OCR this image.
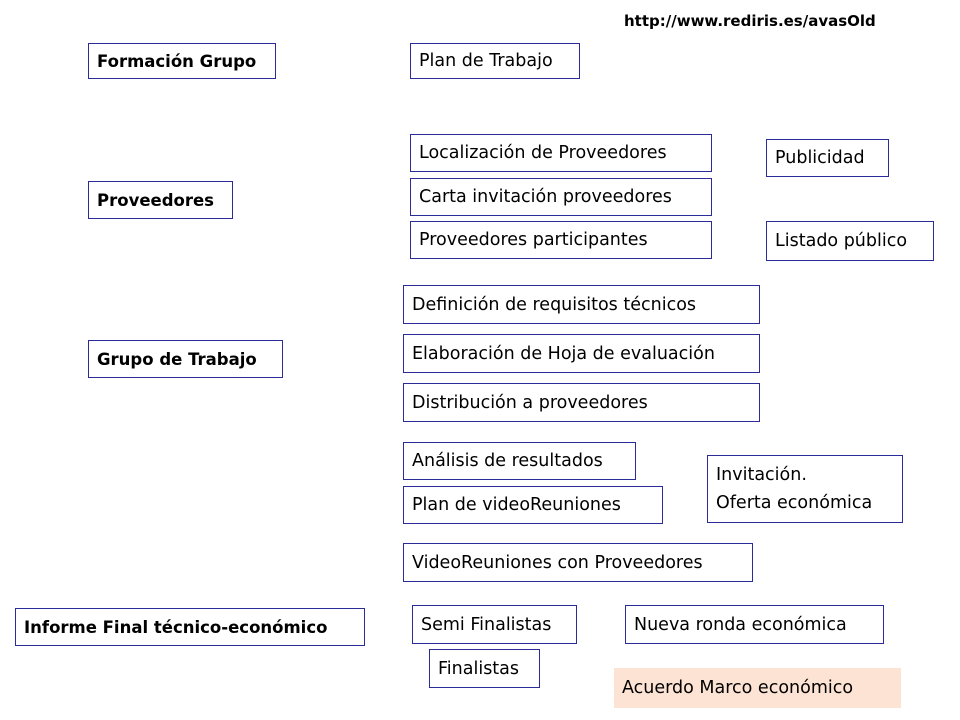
http://www.rediris.es/avasOld
Formación Grupo
Proveedores
Grupo de Trabajo
Informe Final técnico-económico
Plan de Trabajo
Localización de Proveedores
Carta invitación proveedores
Proveedores participantes
Publicidad
Listado público
Definición de requisitos técnicos
Elaboración de Hoja de evaluación
Distribución a proveedores
Análisis de resultados
Plan de videoReuniones
Invitación.
Oferta económica
VideoReuniones con Proveedores
Semi Finalistas	Nueva ronda económica
Finalistas
Acuerdo Marco económico
